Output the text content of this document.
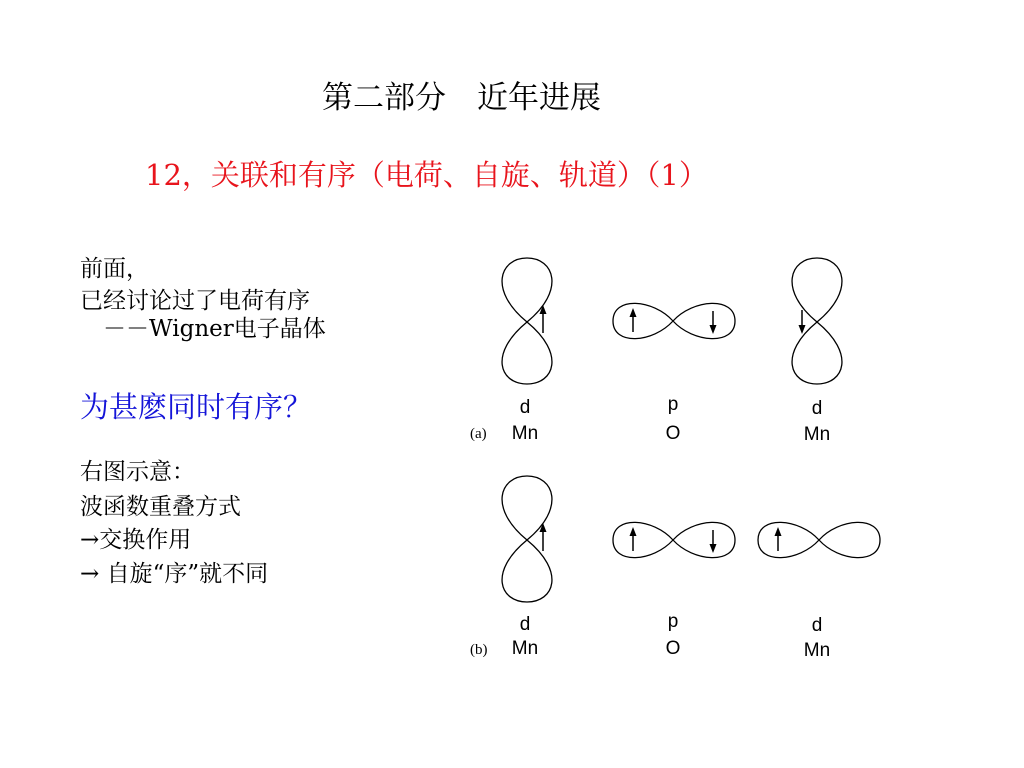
第二部分　近年进展
12，关联和有序（电荷、自旋、轨道）（1）
前面，
已经讨论过了电荷有序
　－－Wigner电子晶体
为甚麽同时有序？
右图示意：
波函数重叠方式
→交换作用
→ 自旋“序”就不同
(a)
d
Mn
p
O
d
Mn
(b)
d
Mn
p
O
d
Mn
